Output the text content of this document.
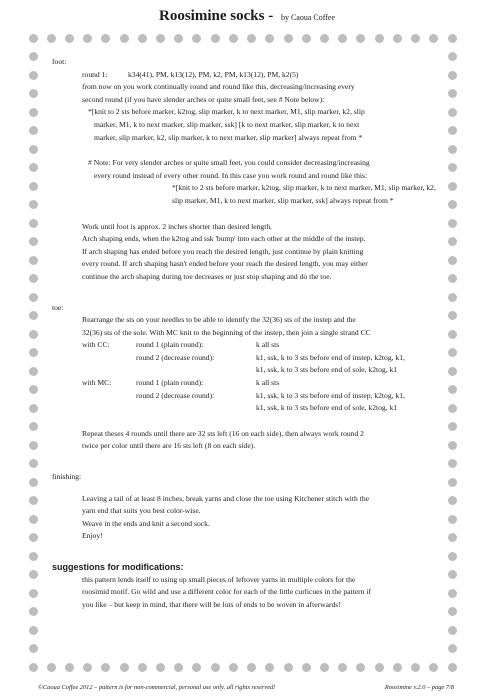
Roosimine socks - by Caoua Coffee

foot:

round 1:	k34(41), PM, k13(12), PM, k2, PM, k13(12), PM, k2(5)

from now on you work continually round and round like this, decreasing/increasing every

second round (if you have slender arches or quite small feet, see # Note below):

*[knit to 2 sts before marker, k2tog, slip marker, k to next marker, M1, slip marker, k2, slip

marker, M1, k to next marker, slip marker, ssk] [k to next marker, slip marker, k to next

marker, slip marker, k2, slip marker, k to next marker, slip marker] always repeat from *

# Note: For very slender arches or quite small feet, you could consider decreasing/increasing

every round instead of every other round. In this case you work round and round like this:

*[knit to 2 sts before marker, k2tog, slip marker, k to next marker, M1, slip marker, k2,

slip marker, M1, k to next marker, slip marker, ssk] always repeat from *

Work until foot is approx. 2 inches shorter than desired length.

Arch shaping ends, when the k2tog and ssk 'bump' into each other at the middle of the instep.

If arch shaping has ended before you reach the desired length, just continue by plain knitting

every round. If arch shaping hasn't ended before your reach the desired length, you may either

continue the arch shaping during toe decreases or just stop shaping and do the toe.

toe:

Rearrange the sts on your needles to be able to identify the 32(36) sts of the instep and the

32(36) sts of the sole. With MC knit to the beginning of the instep, then join a single strand CC

with CC:	round 1 (plain round):	k all sts
round 2 (decrease round):	k1, ssk, k to 3 sts before end of instep, k2tog, k1,
k1, ssk, k to 3 sts before end of sole, k2tog, k1
with MC:	round 1 (plain round):	k all sts
round 2 (decrease round):	k1, ssk, k to 3 sts before end of instep, k2tog, k1,
k1, ssk, k to 3 sts before end of sole, k2tog, k1

Repeat theses 4 rounds until there are 32 sts left (16 on each side), then always work round 2

twice per color until there are 16 sts left (8 on each side).

finishing:

Leaving a tail of at least 8 inches, break yarns and close the toe using Kitchener stitch with the

yarn end that suits you best color-wise.

Weave in the ends and knit a second sock.

Enjoy!

suggestions for modifications:

this pattern lends itself to using up small pieces of leftover yarns in multiple colors for the

roosimid motif. Go wild and use a different color for each of the little curlicues in the pattern if

you like – but keep in mind, that there will be lots of ends to be woven in afterwards!

©Caoua Coffee 2012 – pattern is for non-commercial, personal use only. all rights reserved!	Roosimine v.2.0 – page 7/8
